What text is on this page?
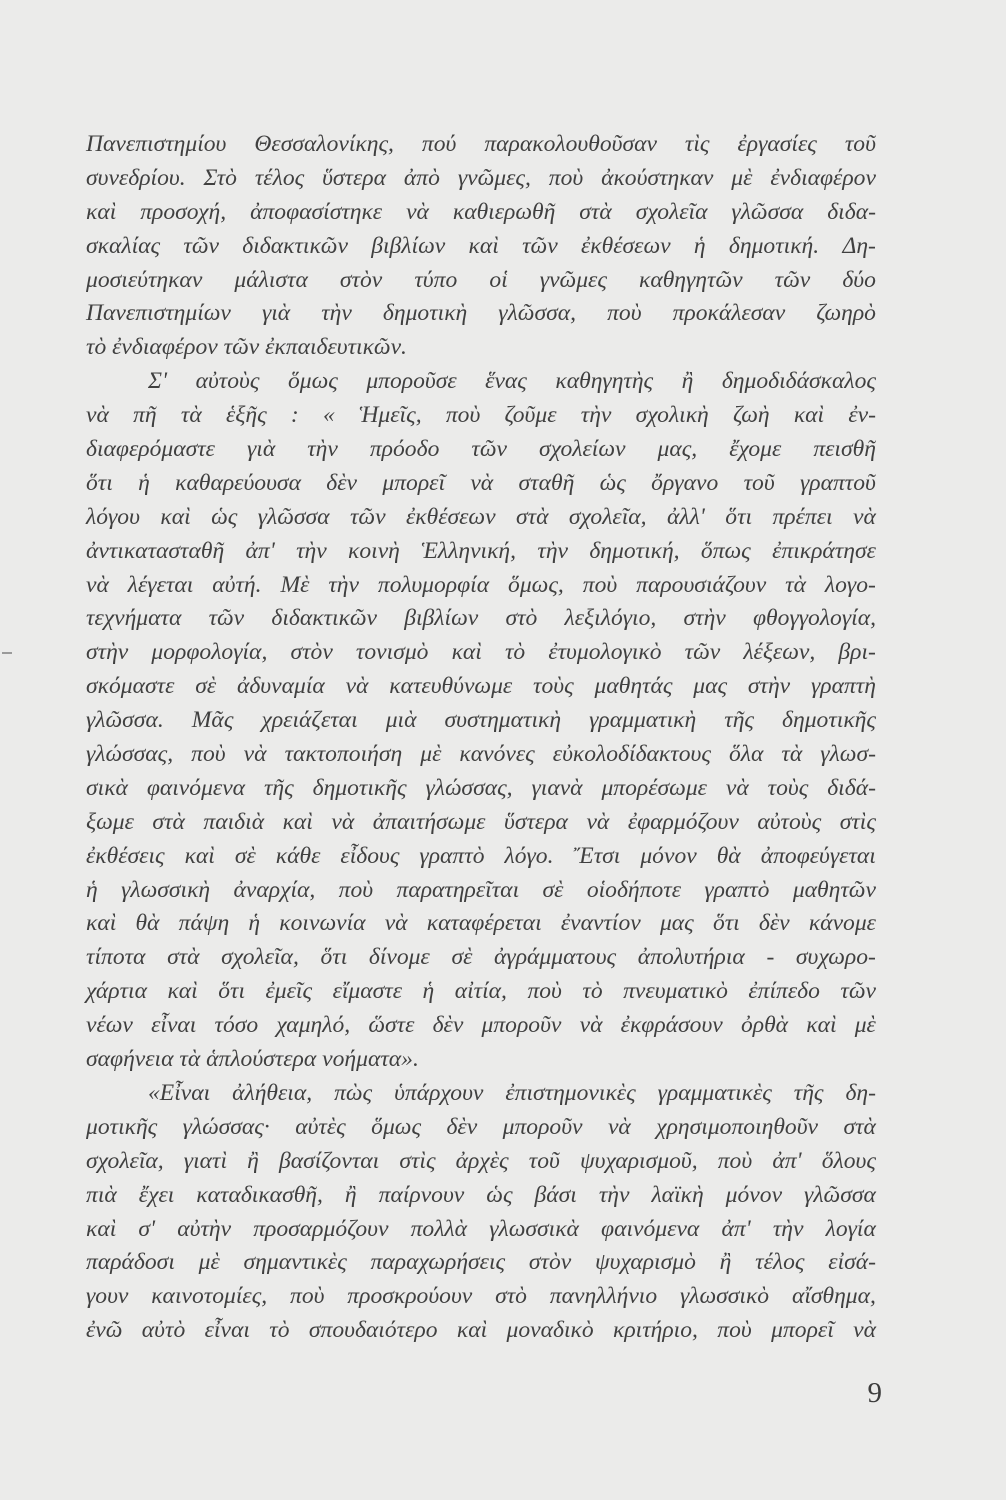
Πανεπιστημίου Θεσσαλονίκης, πού παρακολουθοῦσαν τὶς ἐργασίες τοῦ
συνεδρίου. Στὸ τέλος ὕστερα ἀπὸ γνῶμες, ποὺ ἀκούστηκαν μὲ ἐνδιαφέρον
καὶ προσοχή, ἀποφασίστηκε νὰ καθιερωθῆ στὰ σχολεῖα γλῶσσα διδα-
σκαλίας τῶν διδακτικῶν βιβλίων καὶ τῶν ἐκθέσεων ἡ δημοτική. Δη-
μοσιεύτηκαν μάλιστα στὸν τύπο οἱ γνῶμες καθηγητῶν τῶν δύο
Πανεπιστημίων γιὰ τὴν δημοτικὴ γλῶσσα, ποὺ προκάλεσαν ζωηρὸ
τὸ ἐνδιαφέρον τῶν ἐκπαιδευτικῶν.
Σ' αὐτοὺς ὅμως μποροῦσε ἕνας καθηγητὴς ἢ δημοδιδάσκαλος
νὰ πῆ τὰ ἑξῆς : « Ἡμεῖς, ποὺ ζοῦμε τὴν σχολικὴ ζωὴ καὶ ἐν-
διαφερόμαστε γιὰ τὴν πρόοδο τῶν σχολείων μας, ἔχομε πεισθῆ
ὅτι ἡ καθαρεύουσα δὲν μπορεῖ νὰ σταθῆ ὡς ὄργανο τοῦ γραπτοῦ
λόγου καὶ ὡς γλῶσσα τῶν ἐκθέσεων στὰ σχολεῖα, ἀλλ' ὅτι πρέπει νὰ
ἀντικατασταθῆ ἀπ' τὴν κοινὴ Ἑλληνική, τὴν δημοτική, ὅπως ἐπικράτησε
νὰ λέγεται αὐτή. Μὲ τὴν πολυμορφία ὅμως, ποὺ παρουσιάζουν τὰ λογο-
τεχνήματα τῶν διδακτικῶν βιβλίων στὸ λεξιλόγιο, στὴν φθογγολογία,
στὴν μορφολογία, στὸν τονισμὸ καὶ τὸ ἐτυμολογικὸ τῶν λέξεων, βρι-
σκόμαστε σὲ ἀδυναμία νὰ κατευθύνωμε τοὺς μαθητάς μας στὴν γραπτὴ
γλῶσσα. Μᾶς χρειάζεται μιὰ συστηματικὴ γραμματικὴ τῆς δημοτικῆς
γλώσσας, ποὺ νὰ τακτοποιήση μὲ κανόνες εὐκολοδίδακτους ὅλα τὰ γλωσ-
σικὰ φαινόμενα τῆς δημοτικῆς γλώσσας, γιανὰ μπορέσωμε νὰ τοὺς διδά-
ξωμε στὰ παιδιὰ καὶ νὰ ἀπαιτήσωμε ὕστερα νὰ ἐφαρμόζουν αὐτοὺς στὶς
ἐκθέσεις καὶ σὲ κάθε εἶδους γραπτὸ λόγο. Ἔτσι μόνον θὰ ἀποφεύγεται
ἡ γλωσσικὴ ἀναρχία, ποὺ παρατηρεῖται σὲ οἱοδήποτε γραπτὸ μαθητῶν
καὶ θὰ πάψη ἡ κοινωνία νὰ καταφέρεται ἐναντίον μας ὅτι δὲν κάνομε
τίποτα στὰ σχολεῖα, ὅτι δίνομε σὲ ἀγράμματους ἀπολυτήρια - συχωρο-
χάρτια καὶ ὅτι ἐμεῖς εἴμαστε ἡ αἰτία, ποὺ τὸ πνευματικὸ ἐπίπεδο τῶν
νέων εἶναι τόσο χαμηλό, ὥστε δὲν μποροῦν νὰ ἐκφράσουν ὀρθὰ καὶ μὲ
σαφήνεια τὰ ἁπλούστερα νοήματα».
«Εἶναι ἀλήθεια, πὼς ὑπάρχουν ἐπιστημονικὲς γραμματικὲς τῆς δη-
μοτικῆς γλώσσας· αὐτὲς ὅμως δὲν μποροῦν νὰ χρησιμοποιηθοῦν στὰ
σχολεῖα, γιατὶ ἢ βασίζονται στὶς ἀρχὲς τοῦ ψυχαρισμοῦ, ποὺ ἀπ' ὅλους
πιὰ ἔχει καταδικασθῆ, ἢ παίρνουν ὡς βάσι τὴν λαϊκὴ μόνον γλῶσσα
καὶ σ' αὐτὴν προσαρμόζουν πολλὰ γλωσσικὰ φαινόμενα ἀπ' τὴν λογία
παράδοσι μὲ σημαντικὲς παραχωρήσεις στὸν ψυχαρισμὸ ἢ τέλος εἰσά-
γουν καινοτομίες, ποὺ προσκρούουν στὸ πανηλλήνιο γλωσσικὸ αἴσθημα,
ἐνῶ αὐτὸ εἶναι τὸ σπουδαιότερο καὶ μοναδικὸ κριτήριο, ποὺ μπορεῖ νὰ
9
